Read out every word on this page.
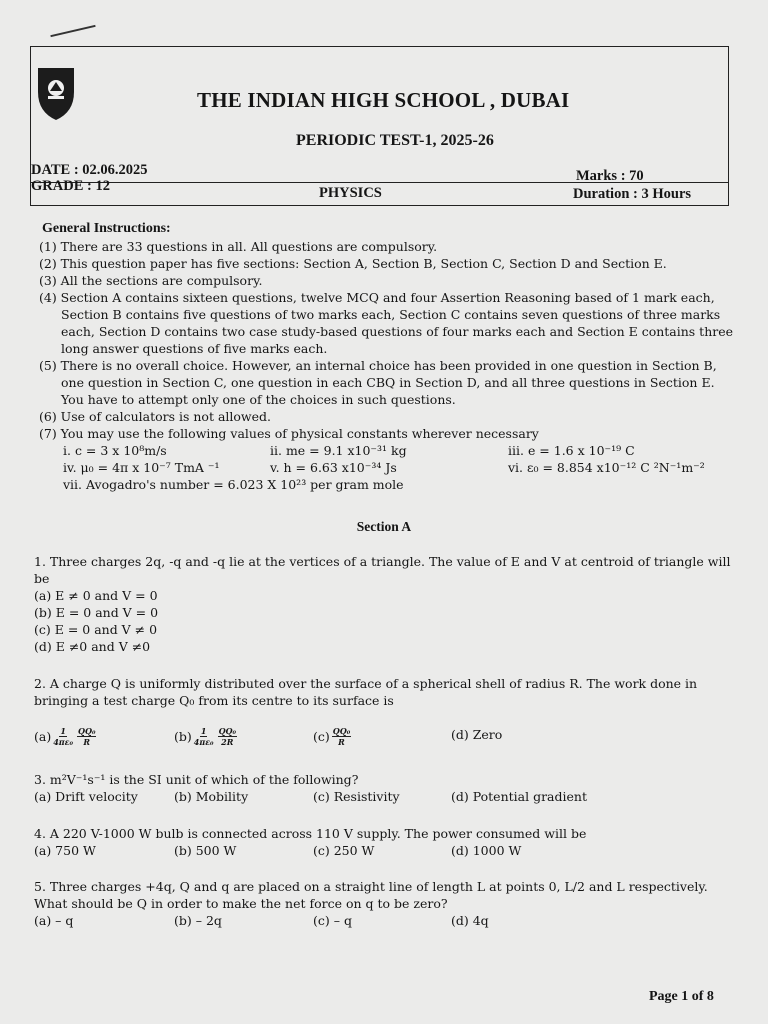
THE INDIAN HIGH SCHOOL , DUBAI
PERIODIC TEST-1, 2025-26
DATE : 02.06.2025
GRADE : 12	PHYSICS
Marks : 70
Duration : 3 Hours
General Instructions:

(1) There are 33 questions in all. All questions are compulsory.

(2) This question paper has five sections: Section A, Section B, Section C, Section D and Section E.

(3) All the sections are compulsory.

(4) Section A contains sixteen questions, twelve MCQ and four Assertion Reasoning based of 1 mark each, Section B contains five questions of two marks each, Section C contains seven questions of three marks each, Section D contains two case study-based questions of four marks each and Section E contains three long answer questions of five marks each.

(5) There is no overall choice. However, an internal choice has been provided in one question in Section B, one question in Section C, one question in each CBQ in Section D, and all three questions in Section E. You have to attempt only one of the choices in such questions.

(6) Use of calculators is not allowed.

(7) You may use the following values of physical constants wherever necessary

i. c = 3 x 10⁸m/s	ii. me = 9.1 x10⁻³¹ kg	iii. e = 1.6 x 10⁻¹⁹ C
iv. μ₀ = 4π x 10⁻⁷ TmA ⁻¹	v. h = 6.63 x10⁻³⁴ Js	vi. ε₀ = 8.854 x10⁻¹² C ²N⁻¹m⁻²
vii. Avogadro's number = 6.023 X 10²³ per gram mole
Section A

1. Three charges 2q, -q and -q lie at the vertices of a triangle. The value of E and V at centroid of triangle will be

(a) E ≠ 0 and V = 0

(b) E = 0 and V = 0

(c) E = 0 and V ≠ 0

(d) E ≠0 and V ≠0

2. A charge Q is uniformly distributed over the surface of a spherical shell of radius R. The work done in bringing a test charge Q₀ from its centre to its surface is

$(a) \frac{1}{\text{4πε₀}} \frac{\text{QQ₀}}{R}$	$(b) \frac{1}{\text{4πε₀}} \frac{\text{QQ₀}}{2R}$	$(c) \frac{\text{QQ₀}}{R}$	(d) Zero

3. m²V⁻¹s⁻¹ is the SI unit of which of the following?

(a) Drift velocity	(b) Mobility	(c) Resistivity	(d) Potential gradient

4. A 220 V-1000 W bulb is connected across 110 V supply. The power consumed will be

(a) 750 W	(b) 500 W	(c) 250 W	(d) 1000 W

5. Three charges +4q, Q and q are placed on a straight line of length L at points 0, L/2 and L respectively. What should be Q in order to make the net force on q to be zero?

(a) – q	(b) – 2q	(c) – q	(d) 4q
Page 1 of 8
